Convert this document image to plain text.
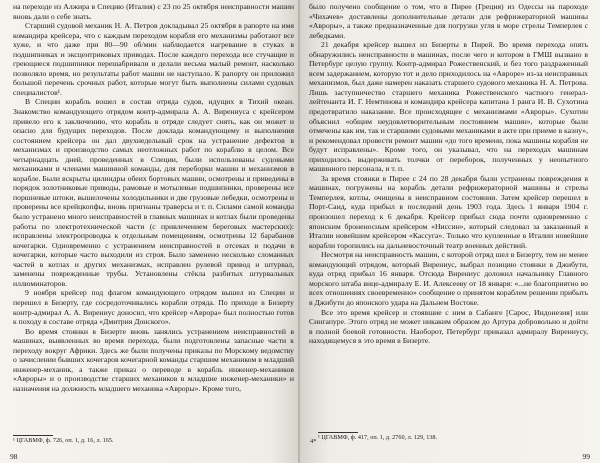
на переходе из Алжира в Специю (Италия) с 23 по 25 октября неисправности машин вновь дали о себе знать.

Старший судовой механик Н. А. Петров докладывал 25 октября в рапорте на имя командира крейсера, что с каждым переходом корабля его механизмы работают все хуже, и что даже при 80—90 об/мин наблюдается нагревание в стуках в подшипниках и эксцентриковых приводах. После каждого перехода все стучащие и греющиеся подшипники перешабривали и делали весьма малый ремонт, насколько позволяло время, но результаты работ машин не наступало. К рапорту он приложил большой перечень срочных работ, которые могут быть выполнены силами судовых специалистов¹.

В Специи корабль вошел в состав отряда судов, идущих в Тихий океан. Знакомство командующего отрядом контр-адмирала А. А. Вирениуса с крейсером привело его к заключению, что корабль в отряде следует снять, как он может и опасно для будущих переходов. После доклада командующему и выполнения состоянием крейсера он дал двухнедельный срок на устранение дефектов в механизмах и производство самых неотложных работ по кораблю в целом. Все четырнадцать дней, проведенных в Специи, были использованы судовыми механиками и членами машинной команды, для переборки машин и механизмов в корабле. Были вскрыты цилиндры обеих бортовых машин, осмотрены и приведены в порядок золотниковые приводы, рамовые и мотылевые подшипники, проверены все поршневые штоки, вышелочены холодильники и две грузовые лебедки, осмотрены и проверены все крейцкопфы, вновь пригнаны траверсы и т. п. Силами самой команды было устранено много неисправностей в главных машинах и котлах были проведены работы по электротехнической части (с привлечением береговых мастерских): исправлены электропроводка к отдельным помещениям, осмотрены 12 барабанов кочегарки. Одновременно с устранением неисправностей в отсеках и подачи в кочегарки, которые часто выходили из строя. Было заменено несколько сломанных частей в котлах и других механизмах, исправлен рулевой привод и штурвал, заменены поврежденные трубы. Установлены стёкла разбитых штурвальных иллюминаторов.

9 ноября крейсер под флагом командующего отрядом вышел из Специи и перешел в Бизерту, где сосредоточивались корабли отряда. По приходе в Бизерту контр-адмирал А. А. Вирениус доносил, что крейсер «Аврора» был полностью готов к походу в составе отряда «Дмитрия Донского».

Во время стоянки в Бизерте вновь занялись устранением неисправностей в машинах, выявленных во время перехода, были подготовлены запасные части к переходу вокруг Африки. Здесь же были получены приказы по Морскому ведомству о зачислении бывших кочегаров кочегарной команды старшим механиком в младший инженер-механик, а также приказ о переводе в корабль инженер-механиков «Авроры» и о производстве старших механиков в младшие инженер-механики» и назначения на должность младшего механика «Авроры». Кроме того,

¹ ЦГАВМФ, ф. 726, оп. 1, д. 16, л. 165.
98

было получено сообщение о том, что в Пирее (Греция) из Одессы на пароходе «Чихачев» доставлены дополнительные детали для рефрижераторной машины «Авроры», а также предназначенные для погрузки угля в море стрелы Темперлея с лебедками.

21 декабря крейсер вышел из Бизерты в Пирей. Во время перехода опять обнаружились неисправности в машинах, после чего и котором в ГМШ вызвано в Петербург целую группу. Контр-адмирал Рожественский, и без того раздраженный всем задержанием, которую тот и дело приходилось на «Авроре» из-за неисправных механизмов, был даже намерен наказать старшего судового механика Н. А. Петрова. Лишь заступничество старшего механика Рожественского частного генерал-лейтенанта И. Г. Немтинова и командира крейсера капитана 1 ранга И. В. Сухотина предотвратило наказание. Все происходящее с механизмами «Авроры». Сухотин объяснил «общим неудовлетворительным постоянием машин», которые были отмечены как им, так и старшими судовыми механиками в акте при приеме в казну», и рекомендовал провести ремонт машин «до того времени, пока машины корабля не будут исправлены». Кроме того, он указывал, что на переходах машинам приходилось выдерживать толчки от переборок, полученных у неопытного машинного персонала, и т. п.

За время стоянки в Пирее с 24 по 28 декабря были устранены повреждения в машинах, погружены на корабль детали рефрижераторной машины и стрелы Темперлея, котлы, очищены в неисправном состоянии. Затем крейсер перешел в Порт-Саид, куда прибыл в последний день 1903 года. Здесь 1 января 1904 г. произошел переход к 6 декабря. Крейсер прибыл сюда почти одновременно с японским броненосным крейсером «Ниссин», который следовал за заказанный в Италии новейшим крейсером «Кассуга». Только что купленные в Италии новейшие корабли торопились на дальневосточный театр военных действий.

Несмотря на неисправность машин, с которой отряд шел в Бизерту, тем не менее командующий отрядом, который Вирениус, выбрал позицию стоянки в Джибути, куда отряд прибыл 16 января. Отсюда Вирениус доложил начальнику Главного морского штаба вице-адмиралу Е. И. Алексееву от 18 января: «...не благоприятно во всех отношениях своевременно» сообщение о принятом кораблем решении прибыть в Джибути до японского удара на Дальнем Востоке.

Все это время крейсер и стоявшие с ним в Сабанге [Сарос, Индонезия] или Сингапуре. Этого отряд не может никаким образом до Артура добровольно и дойти в полной боевой готовности. Наоборот, Петербург приказал адмиралу Вирениусу, находящемуся в это время в Бизерте.

¹ ЦГАВМФ, ф. 417, оп. 1, д. 2760, л. 129, 138.
4*
99
